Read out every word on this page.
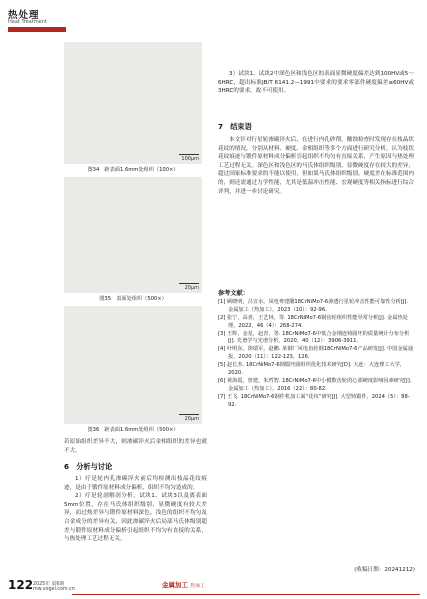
热处理
Heat Treatment
100μm
图34　距表面1.6mm处组织（100×）
20μm
图35　表面处组织（500×）
20μm
图36　距表面1.6mm处组织（500×）

若原始组织差异不大，则渗碳淬火后金相组织的差异也就不大。

6　分析与讨论

1）疗是轮内孔渗碳淬火前后均检测出枝晶花纹痕迹，是由于锻件原材料成分偏析，组织不均匀造成的。

2）疗是轮剖解剖分析，试块1、试块3以及离表面5mm位置，存在马氏体组织级别，显微硬度有较大差异，而过热差异与锻件原材料深色、浅色的组织不均匀及合金成分的差异有关，因此渗碳淬火后局部马氏体级别超差与锻件原材料成分偏析引起组织不均匀有直接的关系，与热处理工艺过程无关。

3）试块1、试块2中深色区和浅色区的表面显微硬度偏差达到100HV或5～6HRC，超出标准JB/T 6141.2—1991中要求的要求零部件硬度偏差≤60HV或3HRC的要求，故不可使用。

7　结束语

本文针对行星轮渗碳淬火后，在进行内孔砂削、酸蚀检查时发现存在枝晶状花纹的情况，分别从材料、硬度、金相组织等多个方面进行研究分析，认为枝状花纹痕迹与锻件原材料成分偏析引起组织不均匀有直接关系，产生原因与热处理工艺过程无关。深色区和浅色区的马氏体组织级别、显微硬度存在较大的差异，超过国家标准要求的不能以使用，但如果马氏体组织级别、硬度差在标准范围内的，则还需通过力学性能，尤其是低温冲击性能、宏观硬度等相关指标进行综合评判，并进一步讨论研究。

参考文献：
[1] 顾晓明，吕宣水，凤电粤建雕18CrNiMo7-6渗透行星轮冲击性能可靠性分析[J]. 金属加工（热加工），2023（10）：92-96.
[2] 张宁，高喜，王艺林，等. 18CrNiMo7-6钢齿轮组织性能异常分析[J]. 金属热处理，2022，46（4）：268-274.
[3] 王辉，金星，赵青，等. 18CrNiMo7-6中低合金钢连铸圆坯的质量统计分布分析[J]. 光谱学与光谱分析，2020，40（12）：3906-3911.
[4] 叶明东，徐瑞军，赵鹏. 某钢厂风电齿轮钢18CrNiMo7-6产品研发[J]. 中国金属通报，2020（11）：122-123，126.
[5] 赵长杰. 18CrNiMo7-6钢锻坯圆组织优化技术研究[D]. 大连：大连理工大学，2020.
[6] 黄海霞，詹建，朱哲智. 18CrNiMo7-6中小模数齿轮的心部硬度影响因素研究[J]. 金属加工（热加工），2016（22）：80-82.
[7] 王飞. 18CrNiMo7-6钢件机加工面“花纹”研究[J]. 大型铸锻件，2024（5）：88-92.
(收稿日期：20241212)
122 2025年 第6期
mw.vogel.com.cn
金属加工 热加工
